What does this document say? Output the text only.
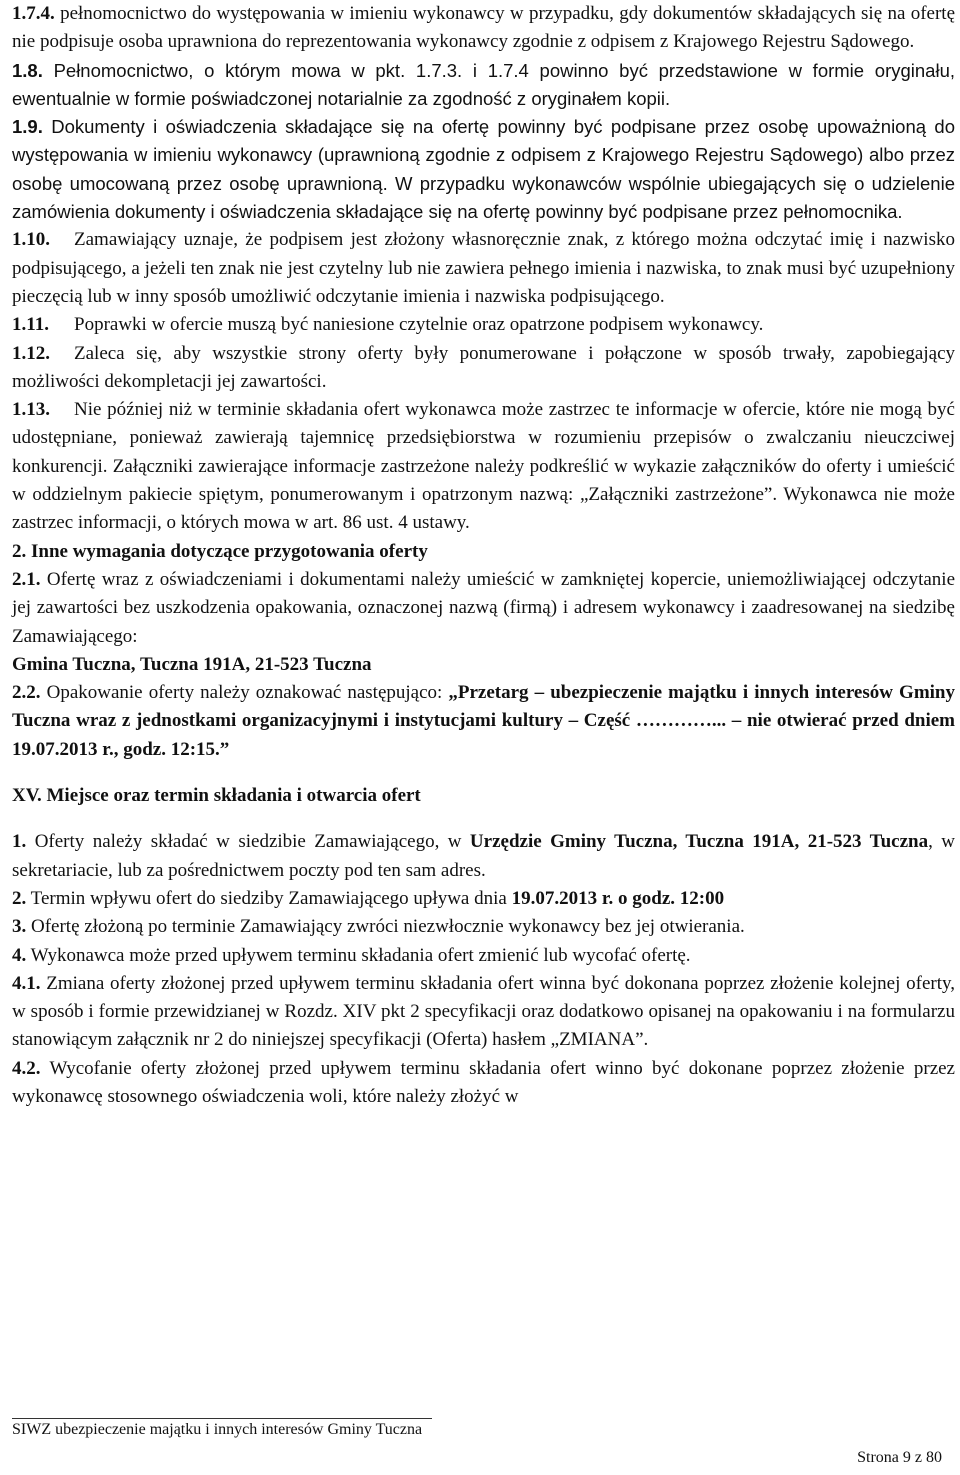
1.7.4. pełnomocnictwo do występowania w imieniu wykonawcy w przypadku, gdy dokumentów składających się na ofertę nie podpisuje osoba uprawniona do reprezentowania wykonawcy zgodnie z odpisem z Krajowego Rejestru Sądowego.

1.8. Pełnomocnictwo, o którym mowa w pkt. 1.7.3. i 1.7.4 powinno być przedstawione w formie oryginału, ewentualnie w formie poświadczonej notarialnie za zgodność z oryginałem kopii.

1.9. Dokumenty i oświadczenia składające się na ofertę powinny być podpisane przez osobę upoważnioną do występowania w imieniu wykonawcy (uprawnioną zgodnie z odpisem z Krajowego Rejestru Sądowego) albo przez osobę umocowaną przez osobę uprawnioną. W przypadku wykonawców wspólnie ubiegających się o udzielenie zamówienia dokumenty i oświadczenia składające się na ofertę powinny być podpisane przez pełnomocnika.

1.10. Zamawiający uznaje, że podpisem jest złożony własnoręcznie znak, z którego można odczytać imię i nazwisko podpisującego, a jeżeli ten znak nie jest czytelny lub nie zawiera pełnego imienia i nazwiska, to znak musi być uzupełniony pieczęcią lub w inny sposób umożliwić odczytanie imienia i nazwiska podpisującego.

1.11. Poprawki w ofercie muszą być naniesione czytelnie oraz opatrzone podpisem wykonawcy.

1.12. Zaleca się, aby wszystkie strony oferty były ponumerowane i połączone w sposób trwały, zapobiegający możliwości dekompletacji jej zawartości.

1.13. Nie później niż w terminie składania ofert wykonawca może zastrzec te informacje w ofercie, które nie mogą być udostępniane, ponieważ zawierają tajemnicę przedsiębiorstwa w rozumieniu przepisów o zwalczaniu nieuczciwej konkurencji. Załączniki zawierające informacje zastrzeżone należy podkreślić w wykazie załączników do oferty i umieścić w oddzielnym pakiecie spiętym, ponumerowanym i opatrzonym nazwą: „Załączniki zastrzeżone”. Wykonawca nie może zastrzec informacji, o których mowa w art. 86 ust. 4 ustawy.

2. Inne wymagania dotyczące przygotowania oferty

2.1. Ofertę wraz z oświadczeniami i dokumentami należy umieścić w zamkniętej kopercie, uniemożliwiającej odczytanie jej zawartości bez uszkodzenia opakowania, oznaczonej nazwą (firmą) i adresem wykonawcy i zaadresowanej na siedzibę Zamawiającego:

Gmina Tuczna, Tuczna 191A, 21-523 Tuczna

2.2. Opakowanie oferty należy oznakować następująco: „Przetarg – ubezpieczenie majątku i innych interesów Gminy Tuczna wraz z jednostkami organizacyjnymi i instytucjami kultury – Część …………... – nie otwierać przed dniem 19.07.2013 r., godz. 12:15.”

XV. Miejsce oraz termin składania i otwarcia ofert

1. Oferty należy składać w siedzibie Zamawiającego, w Urzędzie Gminy Tuczna, Tuczna 191A, 21-523 Tuczna, w sekretariacie, lub za pośrednictwem poczty pod ten sam adres.

2. Termin wpływu ofert do siedziby Zamawiającego upływa dnia 19.07.2013 r. o godz. 12:00

3. Ofertę złożoną po terminie Zamawiający zwróci niezwłocznie wykonawcy bez jej otwierania.

4. Wykonawca może przed upływem terminu składania ofert zmienić lub wycofać ofertę.

4.1. Zmiana oferty złożonej przed upływem terminu składania ofert winna być dokonana poprzez złożenie kolejnej oferty, w sposób i formie przewidzianej w Rozdz. XIV pkt 2 specyfikacji oraz dodatkowo opisanej na opakowaniu i na formularzu stanowiącym załącznik nr 2 do niniejszej specyfikacji (Oferta) hasłem „ZMIANA”.

4.2. Wycofanie oferty złożonej przed upływem terminu składania ofert winno być dokonane poprzez złożenie przez wykonawcę stosownego oświadczenia woli, które należy złożyć w

SIWZ ubezpieczenie majątku i innych interesów Gminy Tuczna
Strona 9 z 80
